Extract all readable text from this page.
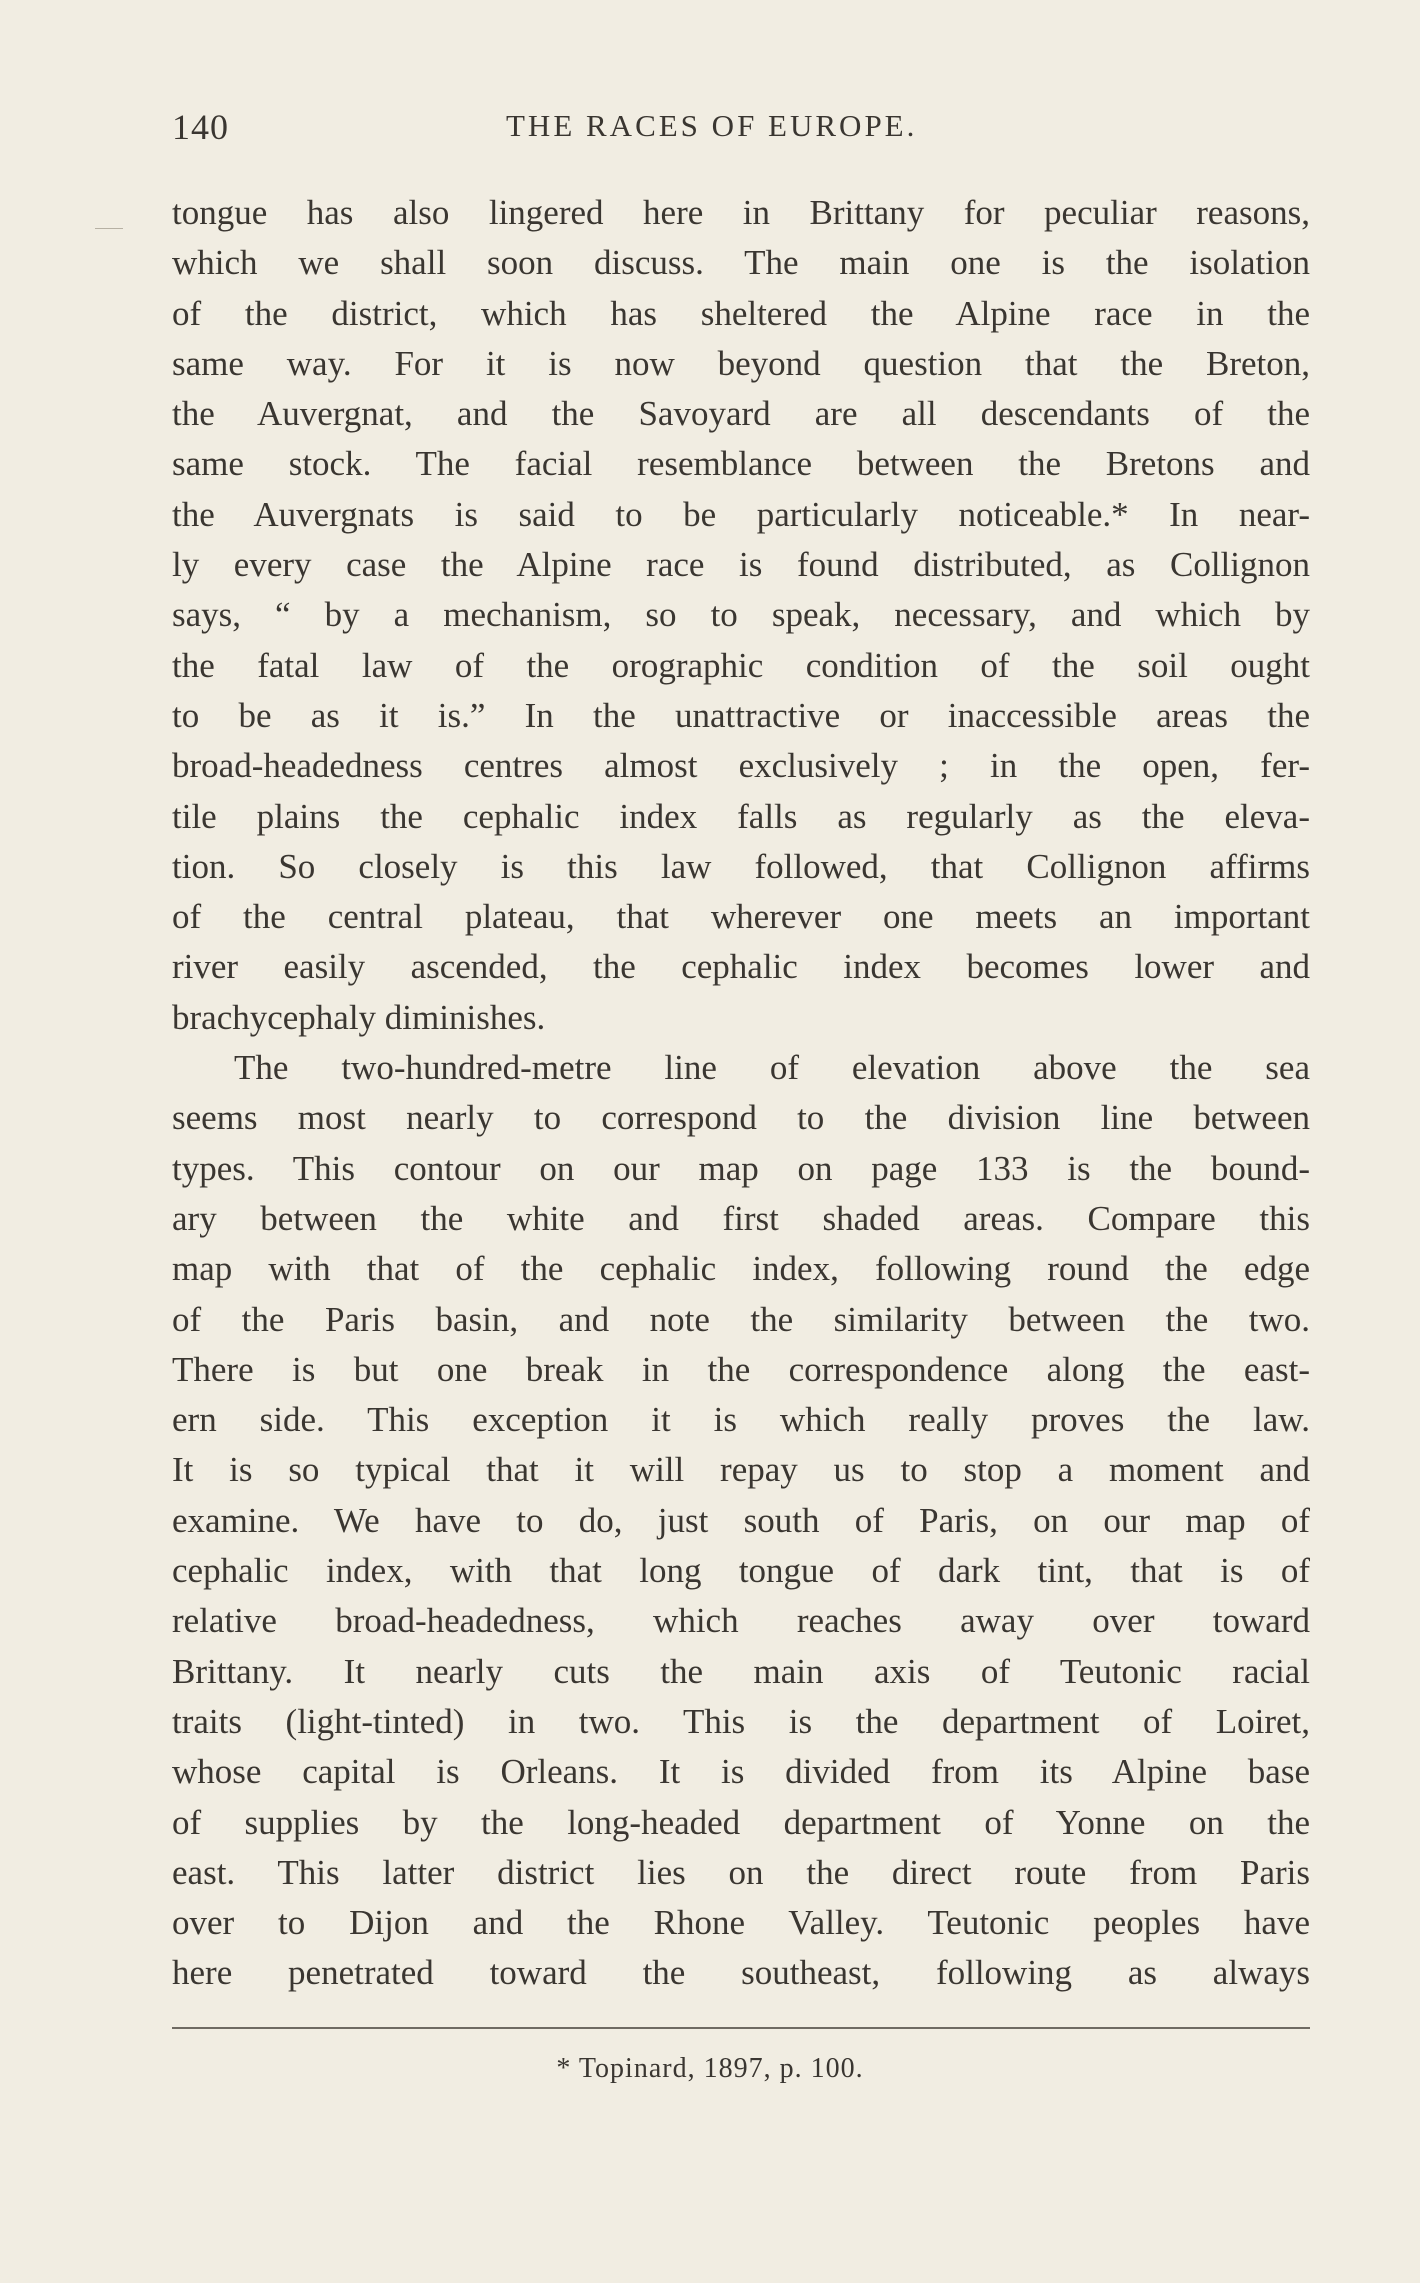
140	THE RACES OF EUROPE.
tongue has also lingered here in Brittany for peculiar reasons,
which we shall soon discuss. The main one is the isolation
of the district, which has sheltered the Alpine race in the
same way. For it is now beyond question that the Breton,
the Auvergnat, and the Savoyard are all descendants of the
same stock. The facial resemblance between the Bretons and
the Auvergnats is said to be particularly noticeable.* In near-
ly every case the Alpine race is found distributed, as Collignon
says, “ by a mechanism, so to speak, necessary, and which by
the fatal law of the orographic condition of the soil ought
to be as it is.” In the unattractive or inaccessible areas the
broad-headedness centres almost exclusively ; in the open, fer-
tile plains the cephalic index falls as regularly as the eleva-
tion. So closely is this law followed, that Collignon affirms
of the central plateau, that wherever one meets an important
river easily ascended, the cephalic index becomes lower and
brachycephaly diminishes.
The two-hundred-metre line of elevation above the sea
seems most nearly to correspond to the division line between
types. This contour on our map on page 133 is the bound-
ary between the white and first shaded areas. Compare this
map with that of the cephalic index, following round the edge
of the Paris basin, and note the similarity between the two.
There is but one break in the correspondence along the east-
ern side. This exception it is which really proves the law.
It is so typical that it will repay us to stop a moment and
examine. We have to do, just south of Paris, on our map of
cephalic index, with that long tongue of dark tint, that is of
relative broad-headedness, which reaches away over toward
Brittany. It nearly cuts the main axis of Teutonic racial
traits (light-tinted) in two. This is the department of Loiret,
whose capital is Orleans. It is divided from its Alpine base
of supplies by the long-headed department of Yonne on the
east. This latter district lies on the direct route from Paris
over to Dijon and the Rhone Valley. Teutonic peoples have
here penetrated toward the southeast, following as always
* Topinard, 1897, p. 100.
